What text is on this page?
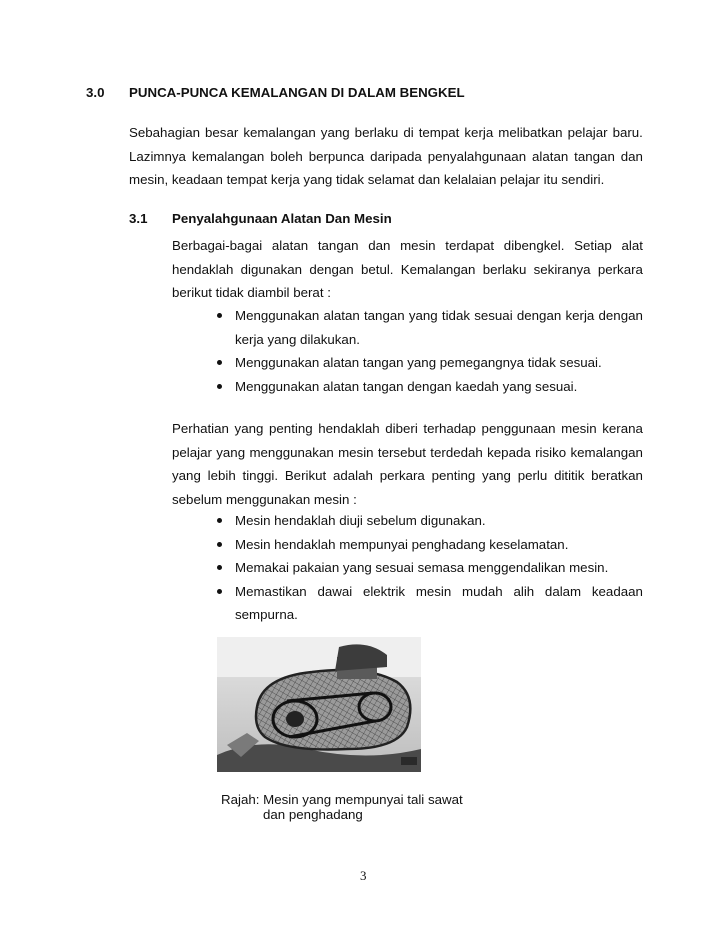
3.0 PUNCA-PUNCA KEMALANGAN DI DALAM BENGKEL
Sebahagian besar kemalangan yang berlaku di tempat kerja melibatkan pelajar baru.
Lazimnya kemalangan boleh berpunca daripada penyalahgunaan alatan tangan dan
mesin, keadaan tempat kerja yang tidak selamat dan kelalaian pelajar itu sendiri.
3.1 Penyalahgunaan Alatan Dan Mesin
Berbagai-bagai alatan tangan dan mesin terdapat dibengkel. Setiap alat
hendaklah digunakan dengan betul. Kemalangan berlaku sekiranya perkara
berikut tidak diambil berat :
Menggunakan alatan tangan yang tidak sesuai dengan kerja dengan
kerja yang dilakukan.
Menggunakan alatan tangan yang pemegangnya tidak sesuai.
Menggunakan alatan tangan dengan kaedah yang sesuai.
Perhatian yang penting hendaklah diberi terhadap penggunaan mesin kerana
pelajar yang menggunakan mesin tersebut terdedah kepada risiko kemalangan
yang lebih tinggi. Berikut adalah perkara penting yang perlu dititik beratkan
sebelum menggunakan mesin :
Mesin hendaklah diuji sebelum digunakan.
Mesin hendaklah mempunyai penghadang keselamatan.
Memakai pakaian yang sesuai semasa menggendalikan mesin.
Memastikan dawai elektrik mesin mudah alih dalam keadaan
sempurna.
Rajah: Mesin yang mempunyai tali sawat
dan penghadang
3
